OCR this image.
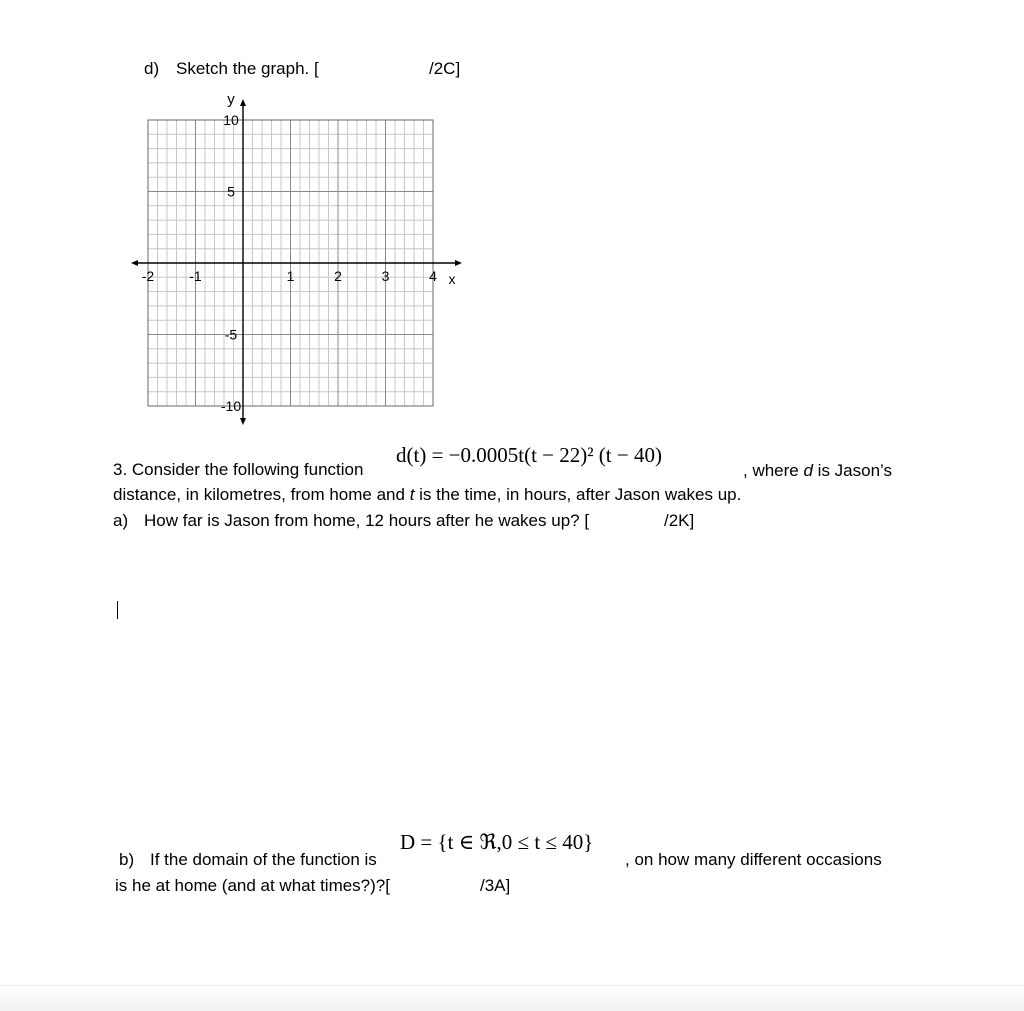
d) Sketch the graph. [	/2C]
-2	-1	1	2	3	4
10
5
-5
-10
y
x
3. Consider the following function
d(t) = −0.0005t(t − 22)² (t − 40)
, where d is Jason’s
distance, in kilometres, from home and t is the time, in hours, after Jason wakes up.
a) How far is Jason from home, 12 hours after he wakes up? [	/2K]
b) If the domain of the function is
D = {t ∈ ℜ,0 ≤ t ≤ 40}
, on how many different occasions
is he at home (and at what times?)?[	/3A]
